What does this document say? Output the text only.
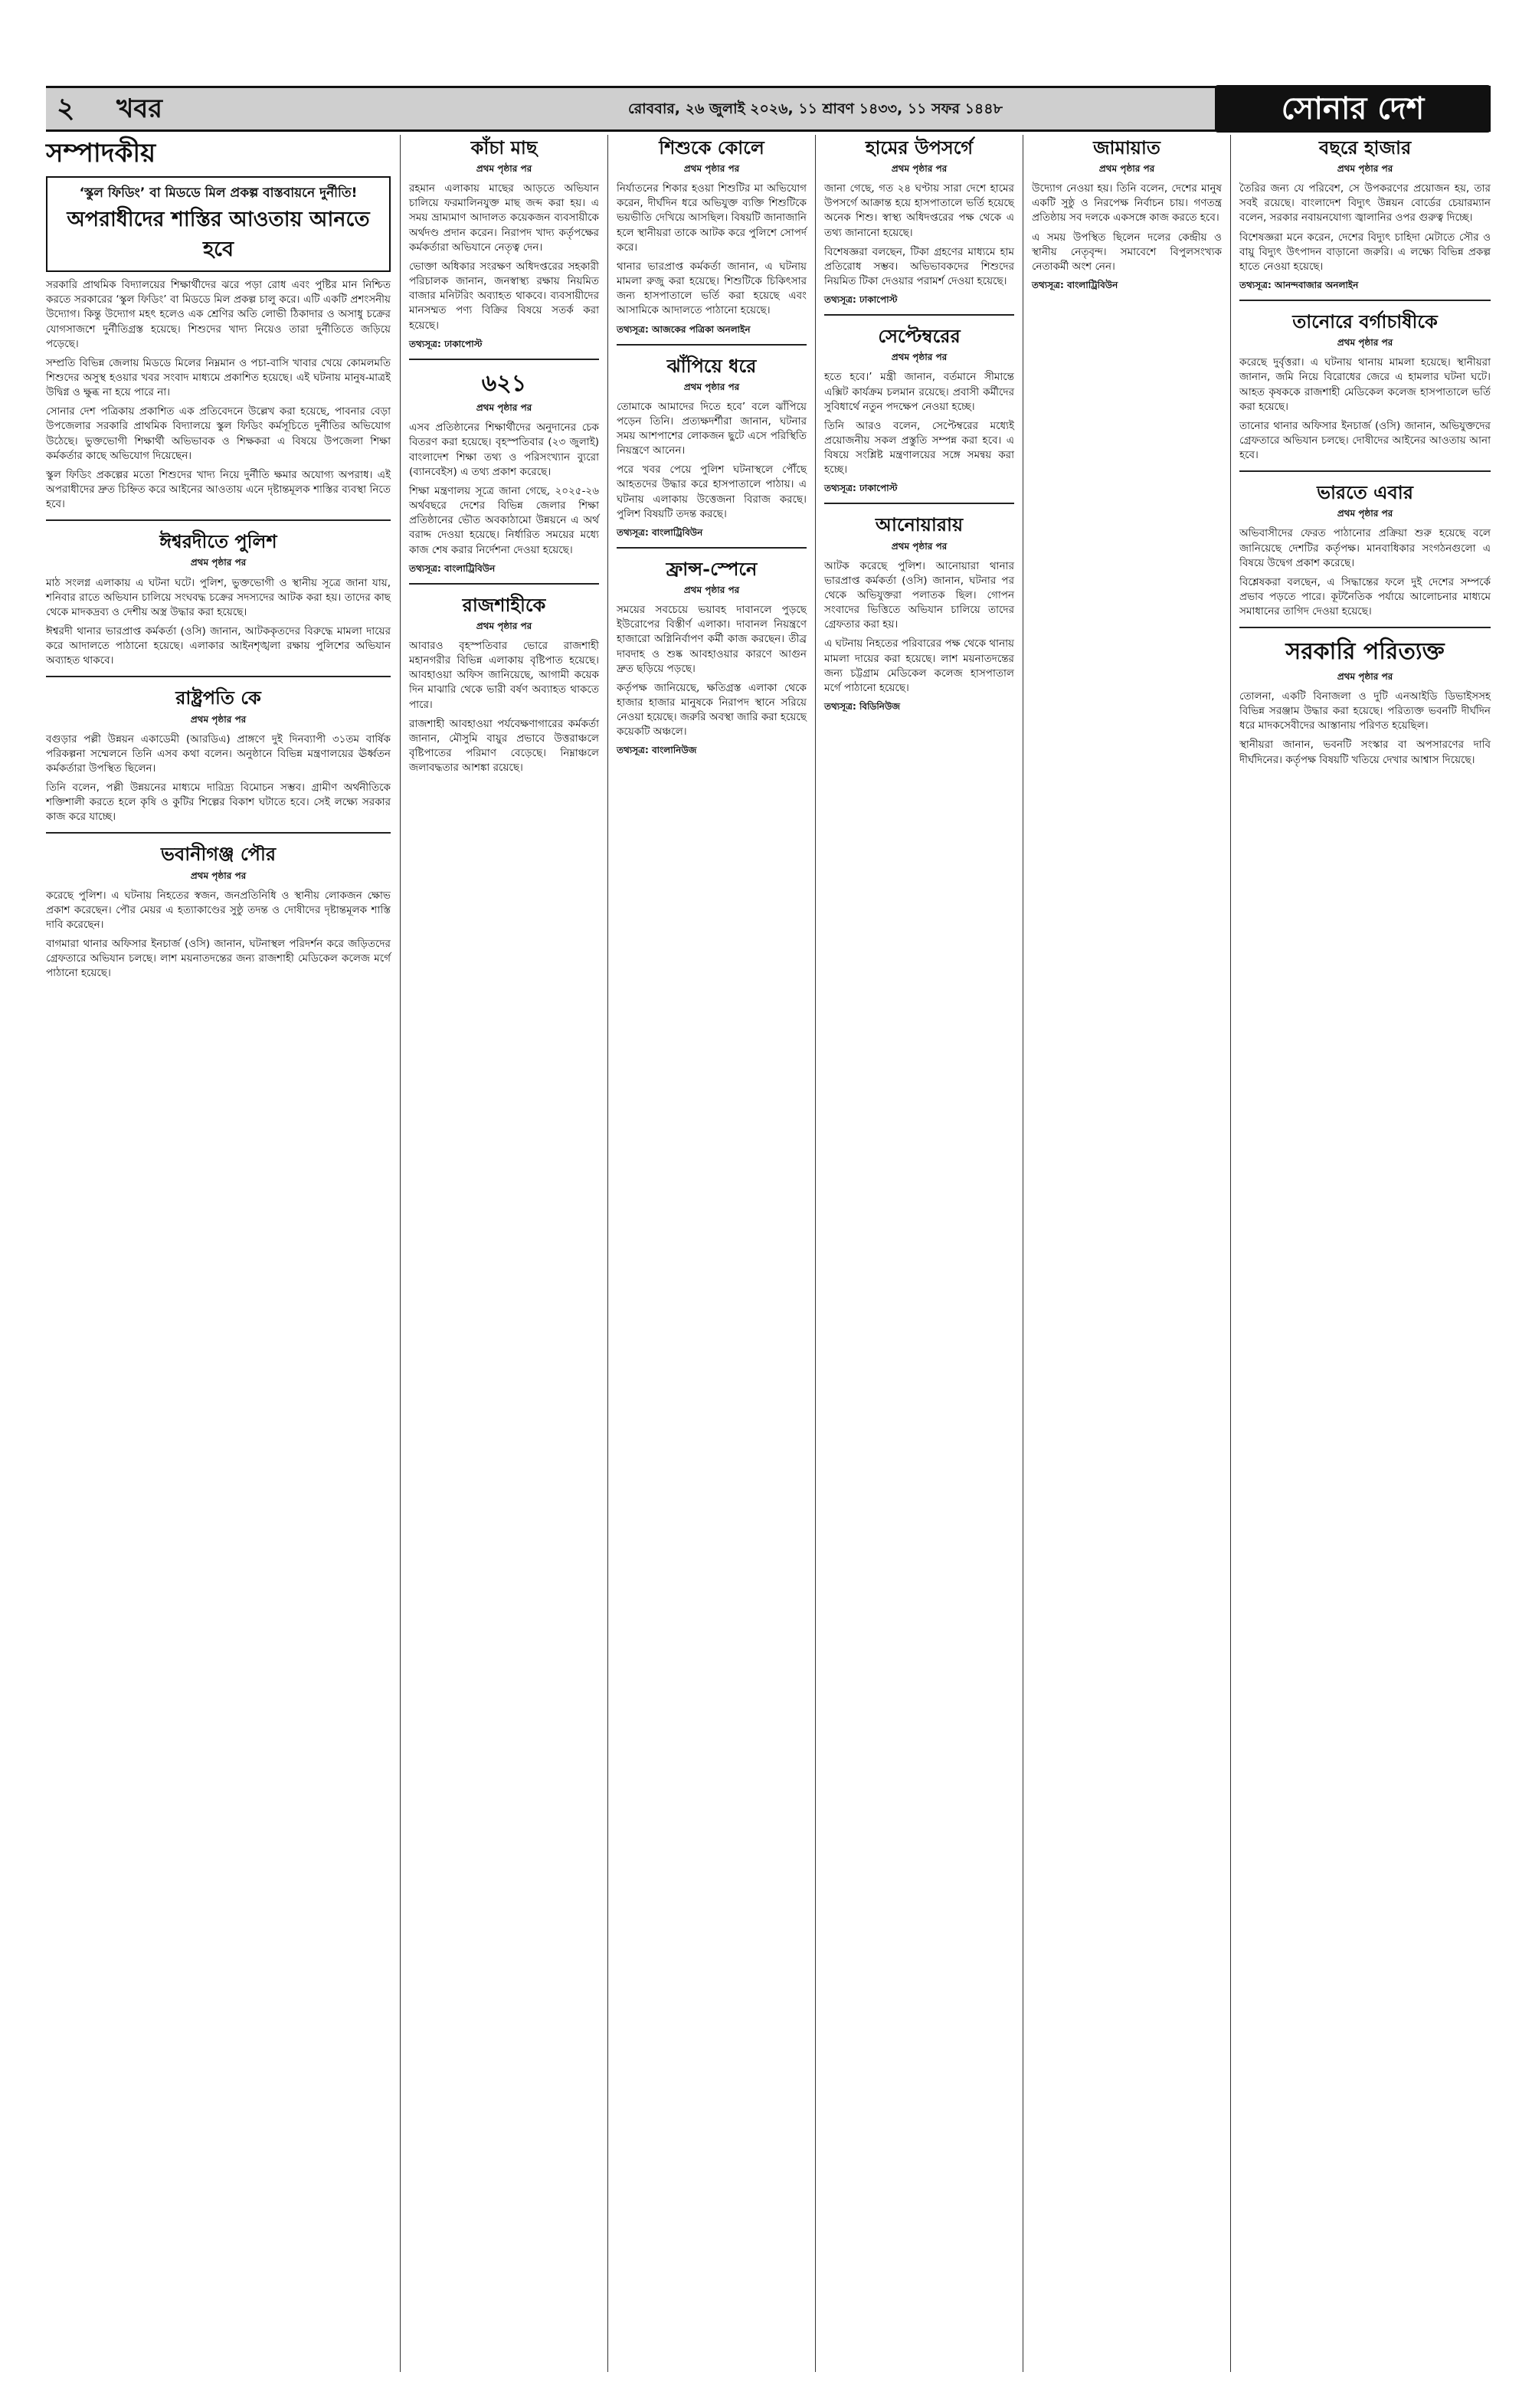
২ খবর	রোববার, ২৬ জুলাই ২০২৬, ১১ শ্রাবণ ১৪৩৩, ১১ সফর ১৪৪৮	সোনার দেশ
সম্পাদকীয়
‘স্কুল ফিডিং’ বা মিডডে মিল প্রকল্প বাস্তবায়নে দুর্নীতি!
অপরাধীদের শাস্তির আওতায় আনতে হবে

সরকারি প্রাথমিক বিদ্যালয়ের শিক্ষার্থীদের ঝরে পড়া রোধ এবং পুষ্টির মান নিশ্চিত করতে সরকারের ‘স্কুল ফিডিং’ বা মিডডে মিল প্রকল্প চালু করে। এটি একটি প্রশংসনীয় উদ্যোগ। কিন্তু উদ্যোগ মহৎ হলেও এক শ্রেণির অতি লোভী ঠিকাদার ও অসাধু চক্রের যোগসাজশে দুর্নীতিগ্রস্ত হয়েছে। শিশুদের খাদ্য নিয়েও তারা দুর্নীতিতে জড়িয়ে পড়েছে।

সম্প্রতি বিভিন্ন জেলায় মিডডে মিলের নিম্নমান ও পচা-বাসি খাবার খেয়ে কোমলমতি শিশুদের অসুস্থ হওয়ার খবর সংবাদ মাধ্যমে প্রকাশিত হয়েছে। এই ঘটনায় মানুষ-মাত্রই উদ্বিগ্ন ও ক্ষুব্ধ না হয়ে পারে না।

সোনার দেশ পত্রিকায় প্রকাশিত এক প্রতিবেদনে উল্লেখ করা হয়েছে, পাবনার বেড়া উপজেলার সরকারি প্রাথমিক বিদ্যালয়ে স্কুল ফিডিং কর্মসূচিতে দুর্নীতির অভিযোগ উঠেছে। ভুক্তভোগী শিক্ষার্থী অভিভাবক ও শিক্ষকরা এ বিষয়ে উপজেলা শিক্ষা কর্মকর্তার কাছে অভিযোগ দিয়েছেন।

স্কুল ফিডিং প্রকল্পের মতো শিশুদের খাদ্য নিয়ে দুর্নীতি ক্ষমার অযোগ্য অপরাধ। এই অপরাধীদের দ্রুত চিহ্নিত করে আইনের আওতায় এনে দৃষ্টান্তমূলক শাস্তির ব্যবস্থা নিতে হবে।

ঈশ্বরদীতে পুলিশ
প্রথম পৃষ্ঠার পর

মাঠ সংলগ্ন এলাকায় এ ঘটনা ঘটে। পুলিশ, ভুক্তভোগী ও স্থানীয় সূত্রে জানা যায়, শনিবার রাতে অভিযান চালিয়ে সংঘবদ্ধ চক্রের সদস্যদের আটক করা হয়। তাদের কাছ থেকে মাদকদ্রব্য ও দেশীয় অস্ত্র উদ্ধার করা হয়েছে।

ঈশ্বরদী থানার ভারপ্রাপ্ত কর্মকর্তা (ওসি) জানান, আটককৃতদের বিরুদ্ধে মামলা দায়ের করে আদালতে পাঠানো হয়েছে। এলাকার আইনশৃঙ্খলা রক্ষায় পুলিশের অভিযান অব্যাহত থাকবে।

রাষ্ট্রপতি কে
প্রথম পৃষ্ঠার পর

বগুড়ার পল্লী উন্নয়ন একাডেমী (আরডিএ) প্রাঙ্গণে দুই দিনব্যাপী ৩১তম বার্ষিক পরিকল্পনা সম্মেলনে তিনি এসব কথা বলেন। অনুষ্ঠানে বিভিন্ন মন্ত্রণালয়ের ঊর্ধ্বতন কর্মকর্তারা উপস্থিত ছিলেন।

তিনি বলেন, পল্লী উন্নয়নের মাধ্যমে দারিদ্র্য বিমোচন সম্ভব। গ্রামীণ অর্থনীতিকে শক্তিশালী করতে হলে কৃষি ও কুটির শিল্পের বিকাশ ঘটাতে হবে। সেই লক্ষ্যে সরকার কাজ করে যাচ্ছে।

ভবানীগঞ্জ পৌর
প্রথম পৃষ্ঠার পর

করেছে পুলিশ। এ ঘটনায় নিহতের স্বজন, জনপ্রতিনিধি ও স্থানীয় লোকজন ক্ষোভ প্রকাশ করেছেন। পৌর মেয়র এ হত্যাকাণ্ডের সুষ্ঠু তদন্ত ও দোষীদের দৃষ্টান্তমূলক শাস্তি দাবি করেছেন।

বাগমারা থানার অফিসার ইনচার্জ (ওসি) জানান, ঘটনাস্থল পরিদর্শন করে জড়িতদের গ্রেফতারে অভিযান চলছে। লাশ ময়নাতদন্তের জন্য রাজশাহী মেডিকেল কলেজ মর্গে পাঠানো হয়েছে।

কাঁচা মাছ
প্রথম পৃষ্ঠার পর

রহমান এলাকায় মাছের আড়তে অভিযান চালিয়ে ফরমালিনযুক্ত মাছ জব্দ করা হয়। এ সময় ভ্রাম্যমাণ আদালত কয়েকজন ব্যবসায়ীকে অর্থদণ্ড প্রদান করেন। নিরাপদ খাদ্য কর্তৃপক্ষের কর্মকর্তারা অভিযানে নেতৃত্ব দেন।

ভোক্তা অধিকার সংরক্ষণ অধিদপ্তরের সহকারী পরিচালক জানান, জনস্বাস্থ্য রক্ষায় নিয়মিত বাজার মনিটরিং অব্যাহত থাকবে। ব্যবসায়ীদের মানসম্মত পণ্য বিক্রির বিষয়ে সতর্ক করা হয়েছে।

তথ্যসূত্র: ঢাকাপোস্ট
৬২১
প্রথম পৃষ্ঠার পর

এসব প্রতিষ্ঠানের শিক্ষার্থীদের অনুদানের চেক বিতরণ করা হয়েছে। বৃহস্পতিবার (২৩ জুলাই) বাংলাদেশ শিক্ষা তথ্য ও পরিসংখ্যান ব্যুরো (ব্যানবেইস) এ তথ্য প্রকাশ করেছে।

শিক্ষা মন্ত্রণালয় সূত্রে জানা গেছে, ২০২৫-২৬ অর্থবছরে দেশের বিভিন্ন জেলার শিক্ষা প্রতিষ্ঠানের ভৌত অবকাঠামো উন্নয়নে এ অর্থ বরাদ্দ দেওয়া হয়েছে। নির্ধারিত সময়ের মধ্যে কাজ শেষ করার নির্দেশনা দেওয়া হয়েছে।

তথ্যসূত্র: বাংলাট্রিবিউন
রাজশাহীকে
প্রথম পৃষ্ঠার পর

আবারও বৃহস্পতিবার ভোরে রাজশাহী মহানগরীর বিভিন্ন এলাকায় বৃষ্টিপাত হয়েছে। আবহাওয়া অফিস জানিয়েছে, আগামী কয়েক দিন মাঝারি থেকে ভারী বর্ষণ অব্যাহত থাকতে পারে।

রাজশাহী আবহাওয়া পর্যবেক্ষণাগারের কর্মকর্তা জানান, মৌসুমি বায়ুর প্রভাবে উত্তরাঞ্চলে বৃষ্টিপাতের পরিমাণ বেড়েছে। নিম্নাঞ্চলে জলাবদ্ধতার আশঙ্কা রয়েছে।

শিশুকে কোলে
প্রথম পৃষ্ঠার পর

নির্যাতনের শিকার হওয়া শিশুটির মা অভিযোগ করেন, দীর্ঘদিন ধরে অভিযুক্ত ব্যক্তি শিশুটিকে ভয়ভীতি দেখিয়ে আসছিল। বিষয়টি জানাজানি হলে স্থানীয়রা তাকে আটক করে পুলিশে সোপর্দ করে।

থানার ভারপ্রাপ্ত কর্মকর্তা জানান, এ ঘটনায় মামলা রুজু করা হয়েছে। শিশুটিকে চিকিৎসার জন্য হাসপাতালে ভর্তি করা হয়েছে এবং আসামিকে আদালতে পাঠানো হয়েছে।

তথ্যসূত্র: আজকের পত্রিকা অনলাইন
ঝাঁপিয়ে ধরে
প্রথম পৃষ্ঠার পর

তোমাকে আমাদের দিতে হবে’ বলে ঝাঁপিয়ে পড়েন তিনি। প্রত্যক্ষদর্শীরা জানান, ঘটনার সময় আশপাশের লোকজন ছুটে এসে পরিস্থিতি নিয়ন্ত্রণে আনেন।

পরে খবর পেয়ে পুলিশ ঘটনাস্থলে পৌঁছে আহতদের উদ্ধার করে হাসপাতালে পাঠায়। এ ঘটনায় এলাকায় উত্তেজনা বিরাজ করছে। পুলিশ বিষয়টি তদন্ত করছে।

তথ্যসূত্র: বাংলাট্রিবিউন
ফ্রান্স-স্পেনে
প্রথম পৃষ্ঠার পর

সময়ের সবচেয়ে ভয়াবহ দাবানলে পুড়ছে ইউরোপের বিস্তীর্ণ এলাকা। দাবানল নিয়ন্ত্রণে হাজারো অগ্নিনির্বাপণ কর্মী কাজ করছেন। তীব্র দাবদাহ ও শুষ্ক আবহাওয়ার কারণে আগুন দ্রুত ছড়িয়ে পড়ছে।

কর্তৃপক্ষ জানিয়েছে, ক্ষতিগ্রস্ত এলাকা থেকে হাজার হাজার মানুষকে নিরাপদ স্থানে সরিয়ে নেওয়া হয়েছে। জরুরি অবস্থা জারি করা হয়েছে কয়েকটি অঞ্চলে।

তথ্যসূত্র: বাংলানিউজ
হামের উপসর্গে
প্রথম পৃষ্ঠার পর

জানা গেছে, গত ২৪ ঘণ্টায় সারা দেশে হামের উপসর্গে আক্রান্ত হয়ে হাসপাতালে ভর্তি হয়েছে অনেক শিশু। স্বাস্থ্য অধিদপ্তরের পক্ষ থেকে এ তথ্য জানানো হয়েছে।

বিশেষজ্ঞরা বলছেন, টিকা গ্রহণের মাধ্যমে হাম প্রতিরোধ সম্ভব। অভিভাবকদের শিশুদের নিয়মিত টিকা দেওয়ার পরামর্শ দেওয়া হয়েছে।

তথ্যসূত্র: ঢাকাপোস্ট
সেপ্টেম্বরের
প্রথম পৃষ্ঠার পর

হতে হবে।’ মন্ত্রী জানান, বর্তমানে সীমান্তে এক্সিট কার্যক্রম চলমান রয়েছে। প্রবাসী কর্মীদের সুবিধার্থে নতুন পদক্ষেপ নেওয়া হচ্ছে।

তিনি আরও বলেন, সেপ্টেম্বরের মধ্যেই প্রয়োজনীয় সকল প্রস্তুতি সম্পন্ন করা হবে। এ বিষয়ে সংশ্লিষ্ট মন্ত্রণালয়ের সঙ্গে সমন্বয় করা হচ্ছে।

তথ্যসূত্র: ঢাকাপোস্ট
আনোয়ারায়
প্রথম পৃষ্ঠার পর

আটক করেছে পুলিশ। আনোয়ারা থানার ভারপ্রাপ্ত কর্মকর্তা (ওসি) জানান, ঘটনার পর থেকে অভিযুক্তরা পলাতক ছিল। গোপন সংবাদের ভিত্তিতে অভিযান চালিয়ে তাদের গ্রেফতার করা হয়।

এ ঘটনায় নিহতের পরিবারের পক্ষ থেকে থানায় মামলা দায়ের করা হয়েছে। লাশ ময়নাতদন্তের জন্য চট্টগ্রাম মেডিকেল কলেজ হাসপাতাল মর্গে পাঠানো হয়েছে।

তথ্যসূত্র: বিডিনিউজ
জামায়াত
প্রথম পৃষ্ঠার পর

উদ্যোগ নেওয়া হয়। তিনি বলেন, দেশের মানুষ একটি সুষ্ঠু ও নিরপেক্ষ নির্বাচন চায়। গণতন্ত্র প্রতিষ্ঠায় সব দলকে একসঙ্গে কাজ করতে হবে।

এ সময় উপস্থিত ছিলেন দলের কেন্দ্রীয় ও স্থানীয় নেতৃবৃন্দ। সমাবেশে বিপুলসংখ্যক নেতাকর্মী অংশ নেন।

তথ্যসূত্র: বাংলাট্রিবিউন
বছরে হাজার
প্রথম পৃষ্ঠার পর

তৈরির জন্য যে পরিবেশ, সে উপকরণের প্রয়োজন হয়, তার সবই রয়েছে। বাংলাদেশ বিদ্যুৎ উন্নয়ন বোর্ডের চেয়ারম্যান বলেন, সরকার নবায়নযোগ্য জ্বালানির ওপর গুরুত্ব দিচ্ছে।

বিশেষজ্ঞরা মনে করেন, দেশের বিদ্যুৎ চাহিদা মেটাতে সৌর ও বায়ু বিদ্যুৎ উৎপাদন বাড়ানো জরুরি। এ লক্ষ্যে বিভিন্ন প্রকল্প হাতে নেওয়া হয়েছে।

তথ্যসূত্র: আনন্দবাজার অনলাইন
তানোরে বর্গাচাষীকে
প্রথম পৃষ্ঠার পর

করেছে দুর্বৃত্তরা। এ ঘটনায় থানায় মামলা হয়েছে। স্থানীয়রা জানান, জমি নিয়ে বিরোধের জেরে এ হামলার ঘটনা ঘটে। আহত কৃষককে রাজশাহী মেডিকেল কলেজ হাসপাতালে ভর্তি করা হয়েছে।

তানোর থানার অফিসার ইনচার্জ (ওসি) জানান, অভিযুক্তদের গ্রেফতারে অভিযান চলছে। দোষীদের আইনের আওতায় আনা হবে।

ভারতে এবার
প্রথম পৃষ্ঠার পর

অভিবাসীদের ফেরত পাঠানোর প্রক্রিয়া শুরু হয়েছে বলে জানিয়েছে দেশটির কর্তৃপক্ষ। মানবাধিকার সংগঠনগুলো এ বিষয়ে উদ্বেগ প্রকাশ করেছে।

বিশ্লেষকরা বলছেন, এ সিদ্ধান্তের ফলে দুই দেশের সম্পর্কে প্রভাব পড়তে পারে। কূটনৈতিক পর্যায়ে আলোচনার মাধ্যমে সমাধানের তাগিদ দেওয়া হয়েছে।

সরকারি পরিত্যক্ত
প্রথম পৃষ্ঠার পর

তোলনা, একটি বিনাজলা ও দুটি এনআইডি ডিভাইসসহ বিভিন্ন সরঞ্জাম উদ্ধার করা হয়েছে। পরিত্যক্ত ভবনটি দীর্ঘদিন ধরে মাদকসেবীদের আস্তানায় পরিণত হয়েছিল।

স্থানীয়রা জানান, ভবনটি সংস্কার বা অপসারণের দাবি দীর্ঘদিনের। কর্তৃপক্ষ বিষয়টি খতিয়ে দেখার আশ্বাস দিয়েছে।
